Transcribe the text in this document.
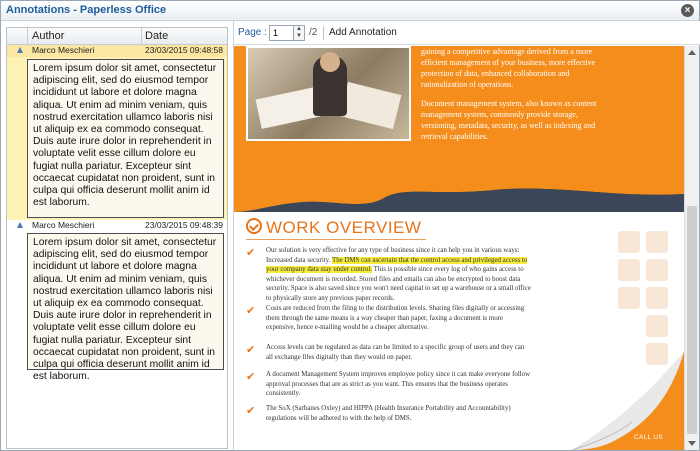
Annotations - Paperless Office	×
Author	Date
Marco Meschieri	23/03/2015 09:48:58
Lorem ipsum dolor sit amet, consectetur adipiscing elit, sed do eiusmod tempor incididunt ut labore et dolore magna aliqua. Ut enim ad minim veniam, quis nostrud exercitation ullamco laboris nisi ut aliquip ex ea commodo consequat. Duis aute irure dolor in reprehenderit in voluptate velit esse cillum dolore eu fugiat nulla pariatur. Excepteur sint occaecat cupidatat non proident, sunt in culpa qui officia deserunt mollit anim id est laborum.
Marco Meschieri	23/03/2015 09:48:39
Lorem ipsum dolor sit amet, consectetur adipiscing elit, sed do eiusmod tempor incididunt ut labore et dolore magna aliqua. Ut enim ad minim veniam, quis nostrud exercitation ullamco laboris nisi ut aliquip ex ea commodo consequat. Duis aute irure dolor in reprehenderit in voluptate velit esse cillum dolore eu fugiat nulla pariatur. Excepteur sint occaecat cupidatat non proident, sunt in culpa qui officia deserunt mollit anim id est laborum.
Page :
1	▲
▼ /2 Add Annotation
gaining a competitive advantage derived from a more efficient management of your business, more effective protection of data, enhanced collaboration and rationalization of operations.
Document management system, also known as content management system, commonly provide storage, versioning, metadata, security, as well as indexing and retrieval capabilities.
WORK OVERVIEW
✔ Our solution is very effective for any type of business since it can help you in various ways: Increased data security. The DMS can ascertain that the control access and privileged access to your company data stay under control. This is possible since every log of who gains access to whichever document is recorded. Stored files and emails can also be encrypted to boost data security. Space is also saved since you won't need capital to set up a warehouse or a small office to physically store any previous paper records.
✔ Costs are reduced from the filing to the distribution levels. Sharing files digitally or accessing them through the same means is a way cheaper than paper, faxing a document is more expensive, hence e-mailing would be a cheaper alternative.
✔ Access levels can be regulated as data can be limited to a specific group of users and they can all exchange files digitally than they would on paper.
✔ A document Management System improves employee policy since it can make everyone follow approval processes that are as strict as you want. This ensures that the business operates consistently.
✔ The SoX (Sarbanes Oxley) and HIPPA (Health Insurance Portability and Accountability) regulations will be adhered to with the help of DMS.
CALL US
